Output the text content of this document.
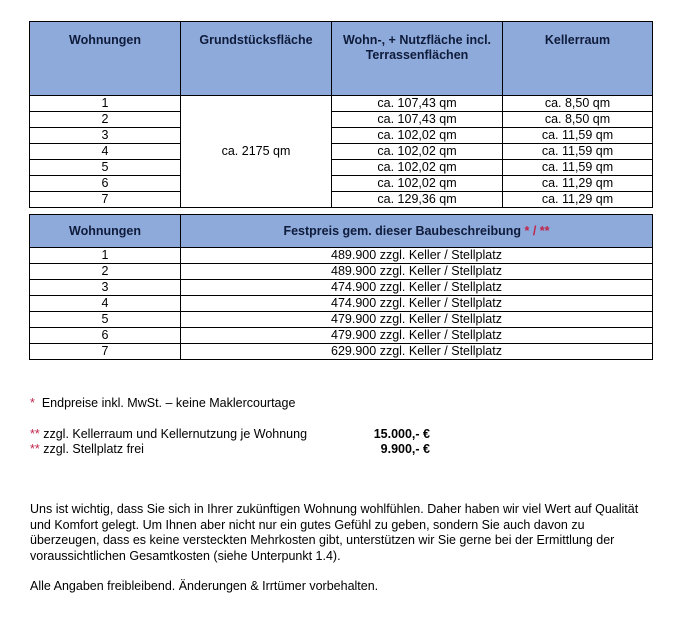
Wohnungen	Grundstücksfläche	Wohn-, + Nutzfläche incl. Terrassenflächen	Kellerraum
1	ca. 2175 qm	ca. 107,43 qm	ca. 8,50 qm
2		ca. 107,43 qm	ca. 8,50 qm
3		ca. 102,02 qm	ca. 11,59 qm
4		ca. 102,02 qm	ca. 11,59 qm
5		ca. 102,02 qm	ca. 11,59 qm
6		ca. 102,02 qm	ca. 11,29 qm
7		ca. 129,36 qm	ca. 11,29 qm
Wohnungen	Festpreis gem. dieser Baubeschreibung * / **
1	489.900 zzgl. Keller / Stellplatz
2	489.900 zzgl. Keller / Stellplatz
3	474.900 zzgl. Keller / Stellplatz
4	474.900 zzgl. Keller / Stellplatz
5	479.900 zzgl. Keller / Stellplatz
6	479.900 zzgl. Keller / Stellplatz
7	629.900 zzgl. Keller / Stellplatz
*
Endpreise inkl. MwSt. – keine Maklercourtage
** zzgl. Kellerraum und Kellernutzung je Wohnung	15.000,- €
** zzgl. Stellplatz frei	9.900,- €

Uns ist wichtig, dass Sie sich in Ihrer zukünftigen Wohnung wohlfühlen. Daher haben wir viel Wert auf Qualität und Komfort gelegt. Um Ihnen aber nicht nur ein gutes Gefühl zu geben, sondern Sie auch davon zu überzeugen, dass es keine versteckten Mehrkosten gibt, unterstützen wir Sie gerne bei der Ermittlung der voraussichtlichen Gesamtkosten (siehe Unterpunkt 1.4).

Alle Angaben freibleibend. Änderungen & Irrtümer vorbehalten.
